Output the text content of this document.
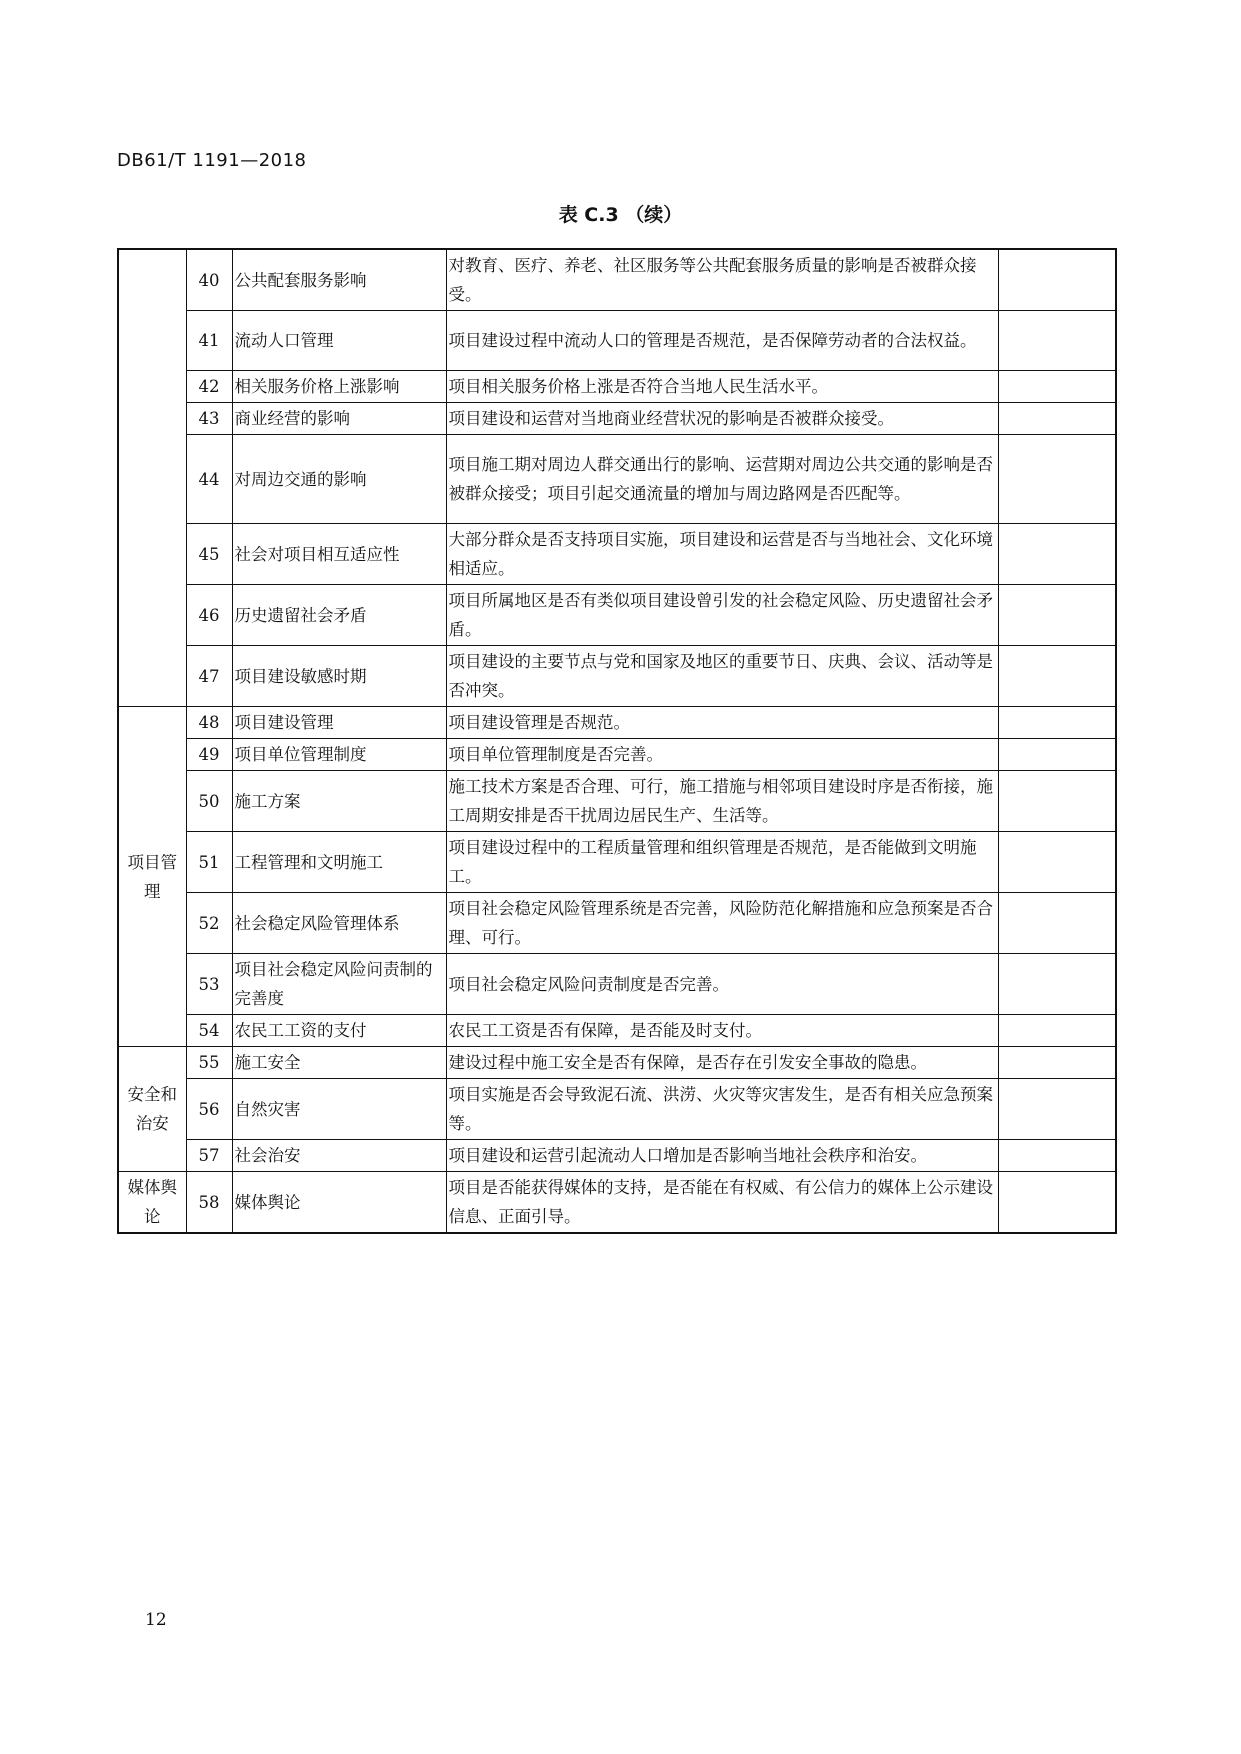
DB61/T 1191—2018
表 C.3 （续）
	40	公共配套服务影响	对教育、医疗、养老、社区服务等公共配套服务质量的影响是否被群众接受。	
	41	流动人口管理	项目建设过程中流动人口的管理是否规范，是否保障劳动者的合法权益。	
	42	相关服务价格上涨影响	项目相关服务价格上涨是否符合当地人民生活水平。	
	43	商业经营的影响	项目建设和运营对当地商业经营状况的影响是否被群众接受。	
	44	对周边交通的影响	项目施工期对周边人群交通出行的影响、运营期对周边公共交通的影响是否被群众接受；项目引起交通流量的增加与周边路网是否匹配等。	
	45	社会对项目相互适应性	大部分群众是否支持项目实施，项目建设和运营是否与当地社会、文化环境相适应。	
	46	历史遗留社会矛盾	项目所属地区是否有类似项目建设曾引发的社会稳定风险、历史遗留社会矛盾。	
	47	项目建设敏感时期	项目建设的主要节点与党和国家及地区的重要节日、庆典、会议、活动等是否冲突。	
项目管理	48	项目建设管理	项目建设管理是否规范。	
	49	项目单位管理制度	项目单位管理制度是否完善。	
	50	施工方案	施工技术方案是否合理、可行，施工措施与相邻项目建设时序是否衔接，施工周期安排是否干扰周边居民生产、生活等。	
	51	工程管理和文明施工	项目建设过程中的工程质量管理和组织管理是否规范，是否能做到文明施工。	
	52	社会稳定风险管理体系	项目社会稳定风险管理系统是否完善，风险防范化解措施和应急预案是否合理、可行。	
	53	项目社会稳定风险问责制的完善度	项目社会稳定风险问责制度是否完善。	
	54	农民工工资的支付	农民工工资是否有保障，是否能及时支付。	
安全和治安	55	施工安全	建设过程中施工安全是否有保障，是否存在引发安全事故的隐患。	
	56	自然灾害	项目实施是否会导致泥石流、洪涝、火灾等灾害发生，是否有相关应急预案等。	
	57	社会治安	项目建设和运营引起流动人口增加是否影响当地社会秩序和治安。	
媒体舆论	58	媒体舆论	项目是否能获得媒体的支持，是否能在有权威、有公信力的媒体上公示建设信息、正面引导。	
12
